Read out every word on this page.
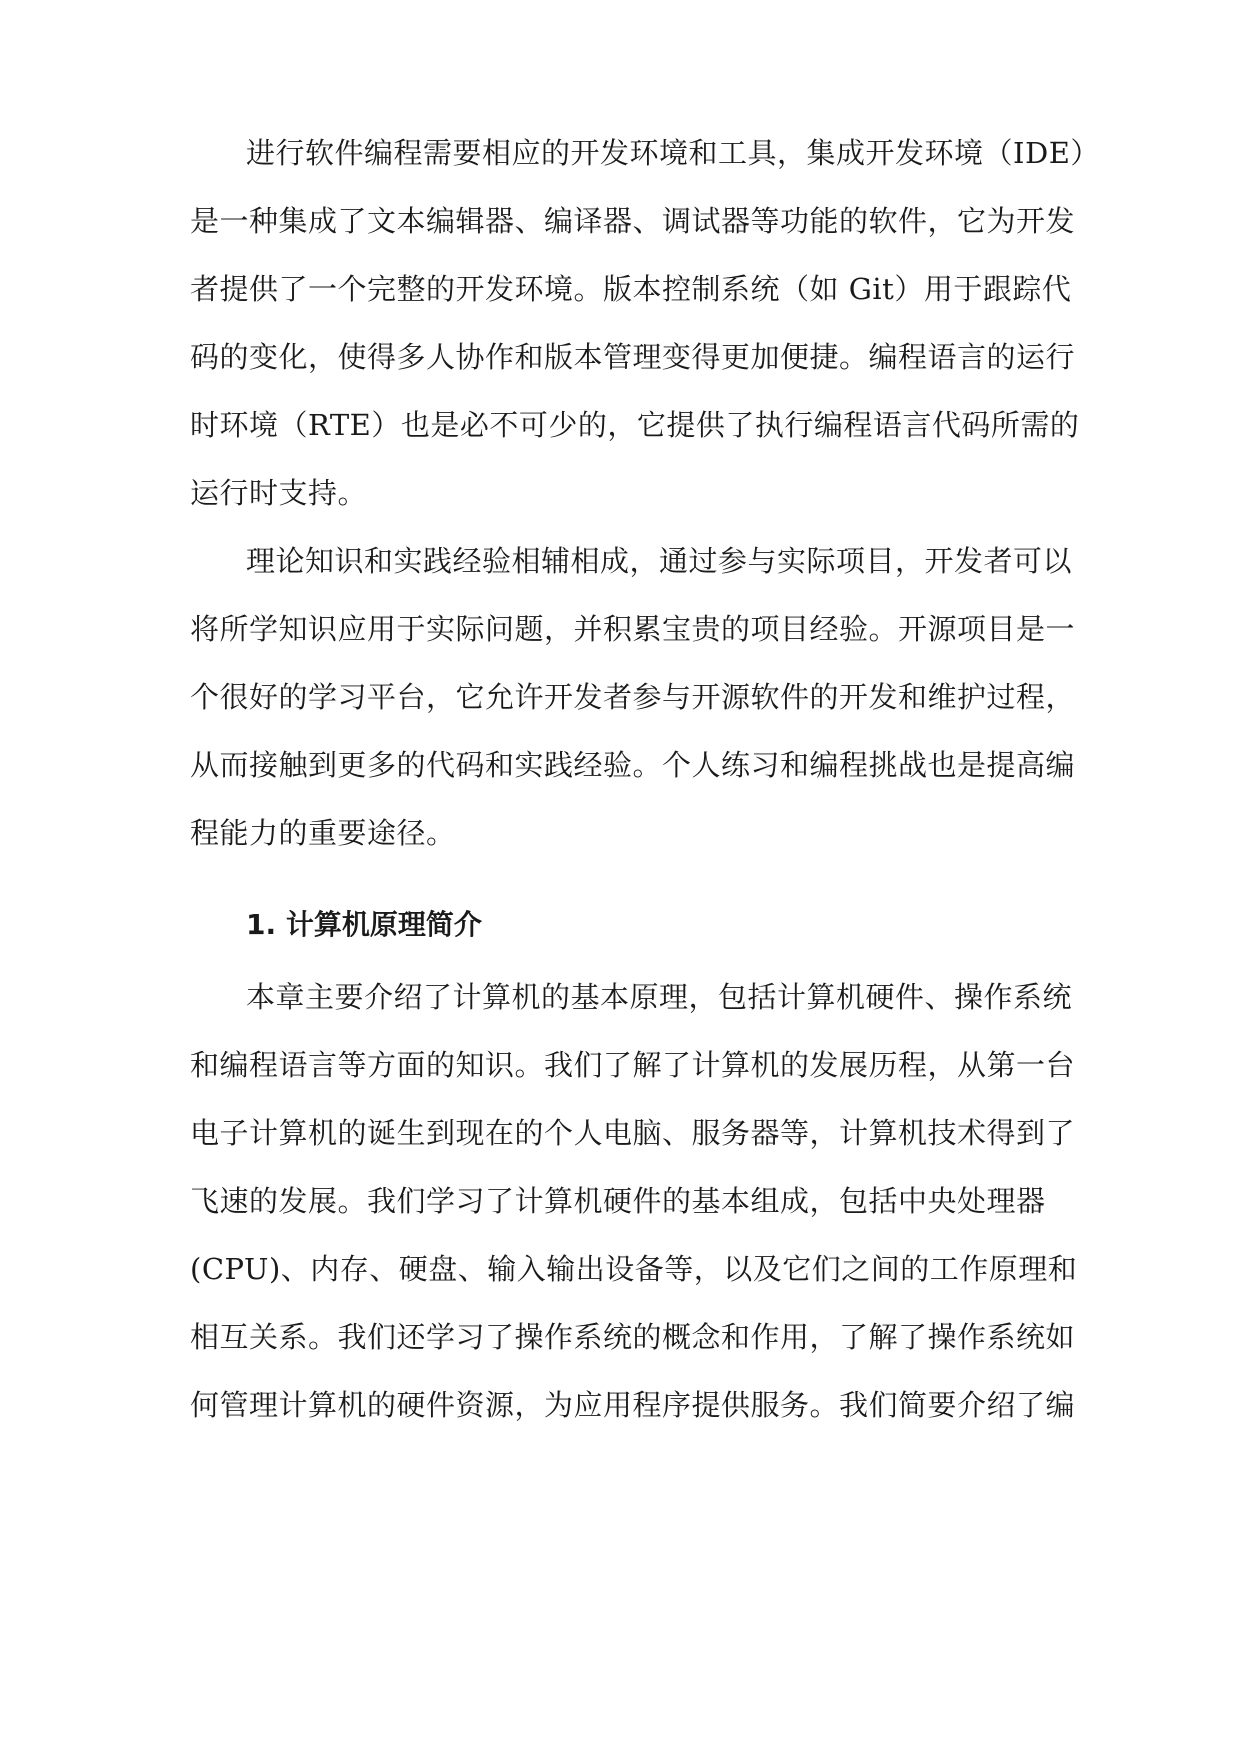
进行软件编程需要相应的开发环境和工具，集成开发环境（IDE）
是一种集成了文本编辑器、编译器、调试器等功能的软件，它为开发
者提供了一个完整的开发环境。版本控制系统（如 Git）用于跟踪代
码的变化，使得多人协作和版本管理变得更加便捷。编程语言的运行
时环境（RTE）也是必不可少的，它提供了执行编程语言代码所需的
运行时支持。
理论知识和实践经验相辅相成，通过参与实际项目，开发者可以
将所学知识应用于实际问题，并积累宝贵的项目经验。开源项目是一
个很好的学习平台，它允许开发者参与开源软件的开发和维护过程，
从而接触到更多的代码和实践经验。个人练习和编程挑战也是提高编
程能力的重要途径。
1. 计算机原理简介
本章主要介绍了计算机的基本原理，包括计算机硬件、操作系统
和编程语言等方面的知识。我们了解了计算机的发展历程，从第一台
电子计算机的诞生到现在的个人电脑、服务器等，计算机技术得到了
飞速的发展。我们学习了计算机硬件的基本组成，包括中央处理器
(CPU)、内存、硬盘、输入输出设备等，以及它们之间的工作原理和
相互关系。我们还学习了操作系统的概念和作用，了解了操作系统如
何管理计算机的硬件资源，为应用程序提供服务。我们简要介绍了编
